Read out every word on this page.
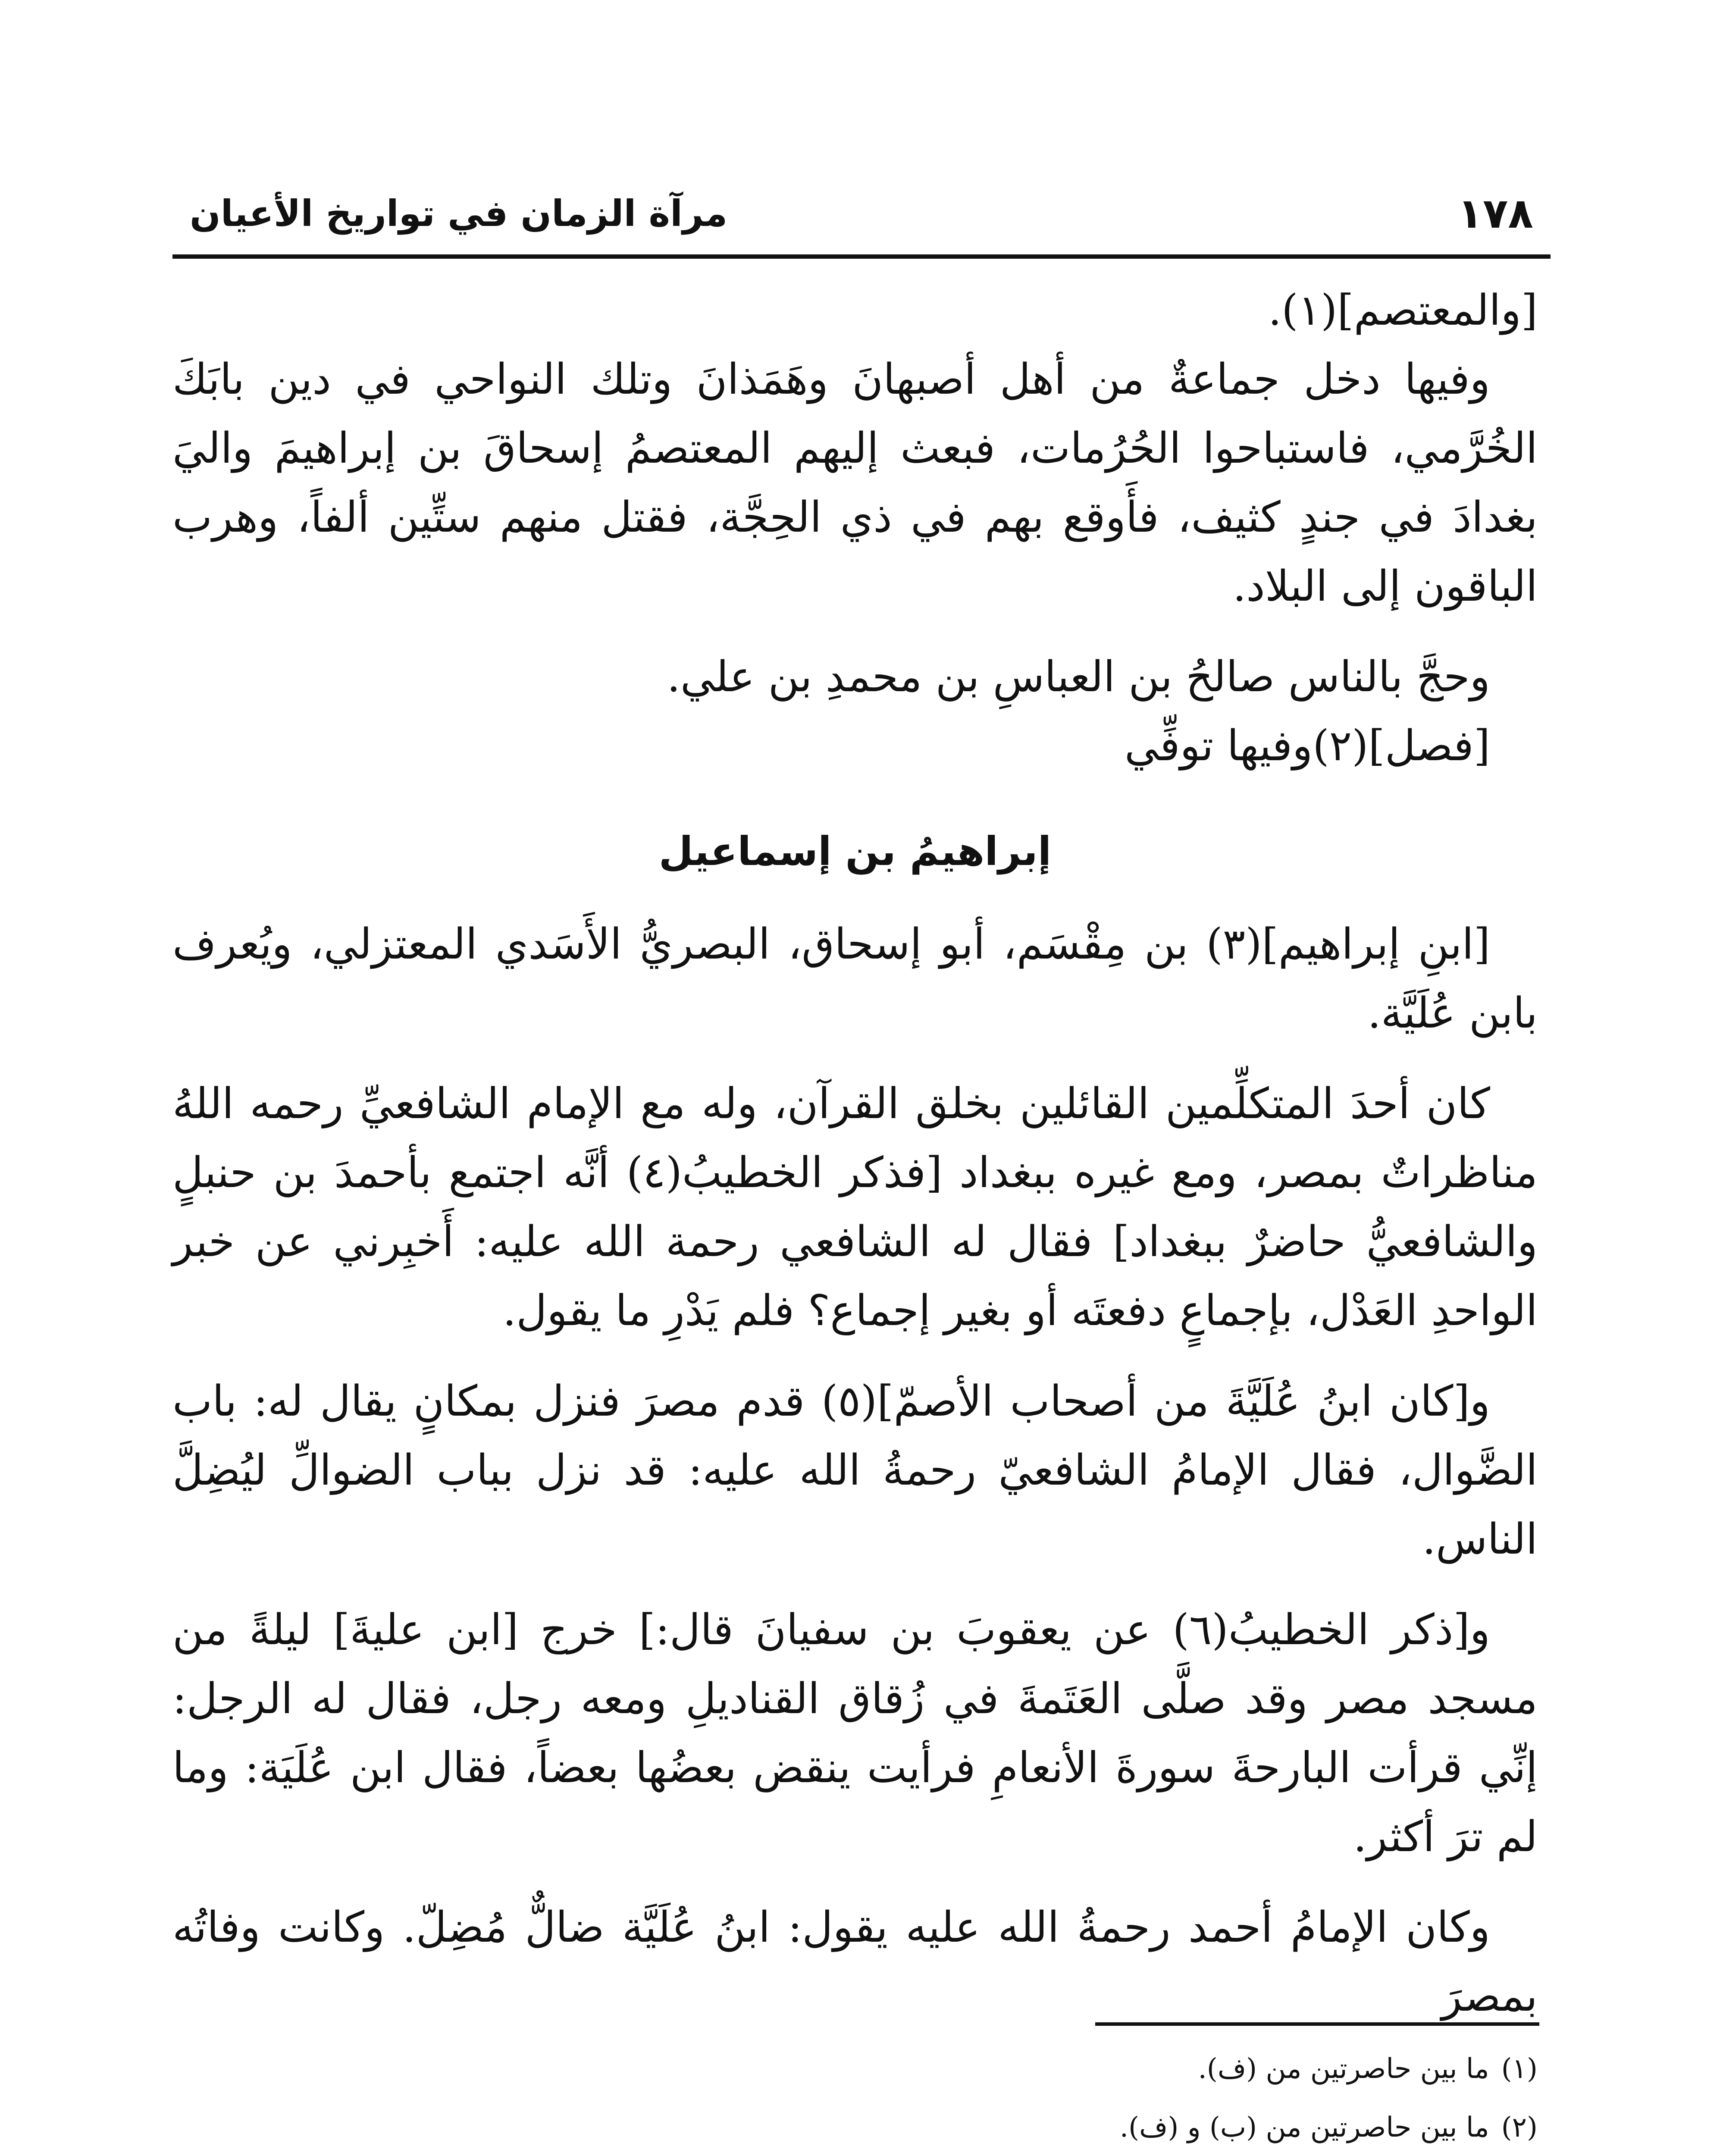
١٧٨
مرآة الزمان في تواريخ الأعيان

[والمعتصم](١).

وفيها دخل جماعةٌ من أهل أصبهانَ وهَمَذانَ وتلك النواحي في دين بابَكَ الخُرَّمي، فاستباحوا الحُرُمات، فبعث إليهم المعتصمُ إسحاقَ بن إبراهيمَ واليَ بغدادَ في جندٍ كثيف، فأَوقع بهم في ذي الحِجَّة، فقتل منهم ستِّين ألفاً، وهرب الباقون إلى البلاد.

وحجَّ بالناس صالحُ بن العباسِ بن محمدِ بن علي.

[فصل](٢)وفيها توفِّي

إبراهيمُ بن إسماعيل

[ابنِ إبراهيم](٣) بن مِقْسَم، أبو إسحاق، البصريُّ الأَسَدي المعتزلي، ويُعرف بابن عُلَيَّة.

كان أحدَ المتكلِّمين القائلين بخلق القرآن، وله مع الإمام الشافعيِّ رحمه اللهُ مناظراتٌ بمصر، ومع غيره ببغداد [فذكر الخطيبُ(٤) أنَّه اجتمع بأحمدَ بن حنبلٍ والشافعيُّ حاضرٌ ببغداد] فقال له الشافعي رحمة الله عليه: أَخبِرني عن خبر الواحدِ العَدْل، بإجماعٍ دفعتَه أو بغير إجماع؟ فلم يَدْرِ ما يقول.

و[كان ابنُ عُلَيَّةَ من أصحاب الأصمّ](٥) قدم مصرَ فنزل بمكانٍ يقال له: باب الضَّوال، فقال الإمامُ الشافعيّ رحمةُ الله عليه: قد نزل بباب الضوالِّ ليُضِلَّ الناس.

و[ذكر الخطيبُ(٦) عن يعقوبَ بن سفيانَ قال:] خرج [ابن عليةَ] ليلةً من مسجد مصر وقد صلَّى العَتَمةَ في زُقاق القناديلِ ومعه رجل، فقال له الرجل: إنِّي قرأت البارحةَ سورةَ الأنعامِ فرأيت ينقض بعضُها بعضاً، فقال ابن عُلَيَة: وما لم ترَ أكثر.

وكان الإمامُ أحمد رحمةُ الله عليه يقول: ابنُ عُلَيَّة ضالٌّ مُضِلّ. وكانت وفاتُه بمصرَ

(١)ما بين حاصرتين من (ف).
(٢)ما بين حاصرتين من (ب) و (ف).
